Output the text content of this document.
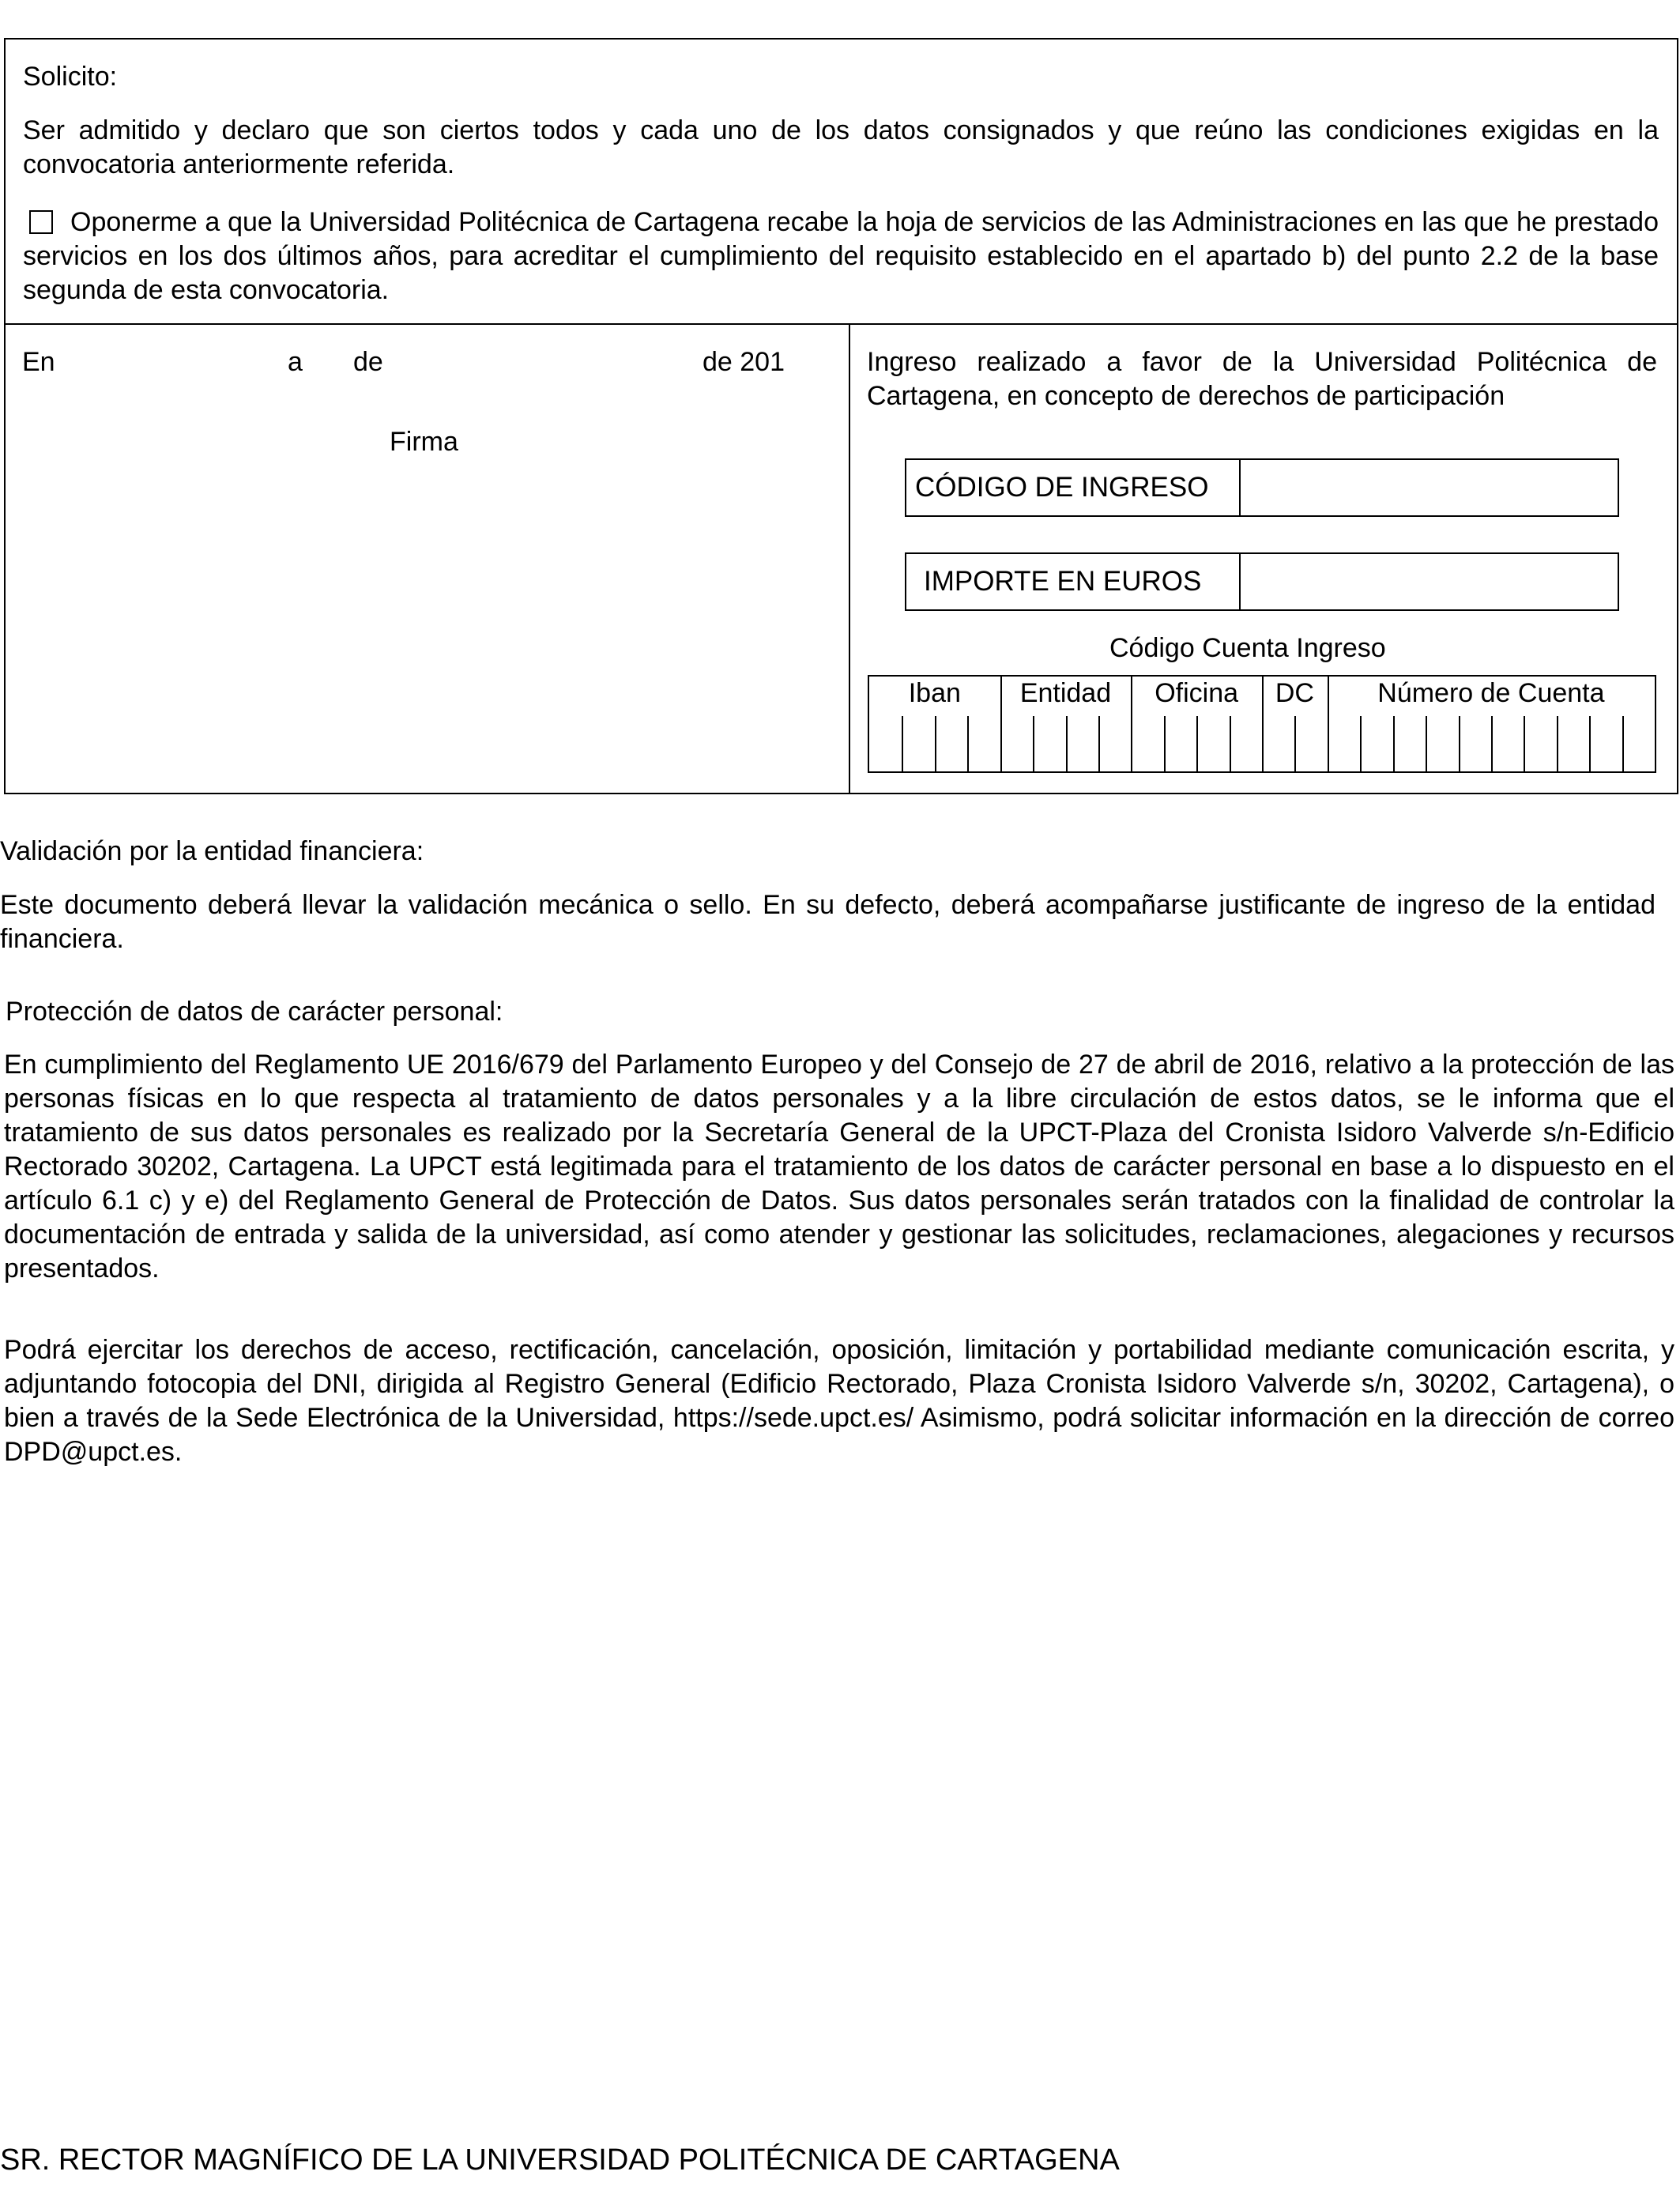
Solicito:
Ser admitido y declaro que son ciertos todos y cada uno de los datos consignados y que reúno las condiciones exigidas en la convocatoria anteriormente referida.
Oponerme a que la Universidad Politécnica de Cartagena recabe la hoja de servicios de las Administraciones en las que he prestado servicios en los dos últimos años, para acreditar el cumplimiento del requisito establecido en el apartado b) del punto 2.2 de la base segunda de esta convocatoria.
En	a de	de 201
Firma
Ingreso realizado a favor de la Universidad Politécnica de Cartagena, en concepto de derechos de participación
CÓDIGO DE INGRESO
IMPORTE EN EUROS
Código Cuenta Ingreso
Iban	Entidad	Oficina	DC	Número de Cuenta
Validación por la entidad financiera:
Este documento deberá llevar la validación mecánica o sello. En su defecto, deberá acompañarse justificante de ingreso de la entidad financiera.
Protección de datos de carácter personal:
En cumplimiento del Reglamento UE 2016/679 del Parlamento Europeo y del Consejo de 27 de abril de 2016, relativo a la protección de las personas físicas en lo que respecta al tratamiento de datos personales y a la libre circulación de estos datos, se le informa que el tratamiento de sus datos personales es realizado por la Secretaría General de la UPCT-Plaza del Cronista Isidoro Valverde s/n-Edificio Rectorado 30202, Cartagena. La UPCT está legitimada para el tratamiento de los datos de carácter personal en base a lo dispuesto en el artículo 6.1 c) y e) del Reglamento General de Protección de Datos. Sus datos personales serán tratados con la finalidad de controlar la documentación de entrada y salida de la universidad, así como atender y gestionar las solicitudes, reclamaciones, alegaciones y recursos presentados.
Podrá ejercitar los derechos de acceso, rectificación, cancelación, oposición, limitación y portabilidad mediante comunicación escrita, y adjuntando fotocopia del DNI, dirigida al Registro General (Edificio Rectorado, Plaza Cronista Isidoro Valverde s/n, 30202, Cartagena), o bien a través de la Sede Electrónica de la Universidad, https://sede.upct.es/ Asimismo, podrá solicitar información en la dirección de correo DPD@upct.es.
SR. RECTOR MAGNÍFICO DE LA UNIVERSIDAD POLITÉCNICA DE CARTAGENA
